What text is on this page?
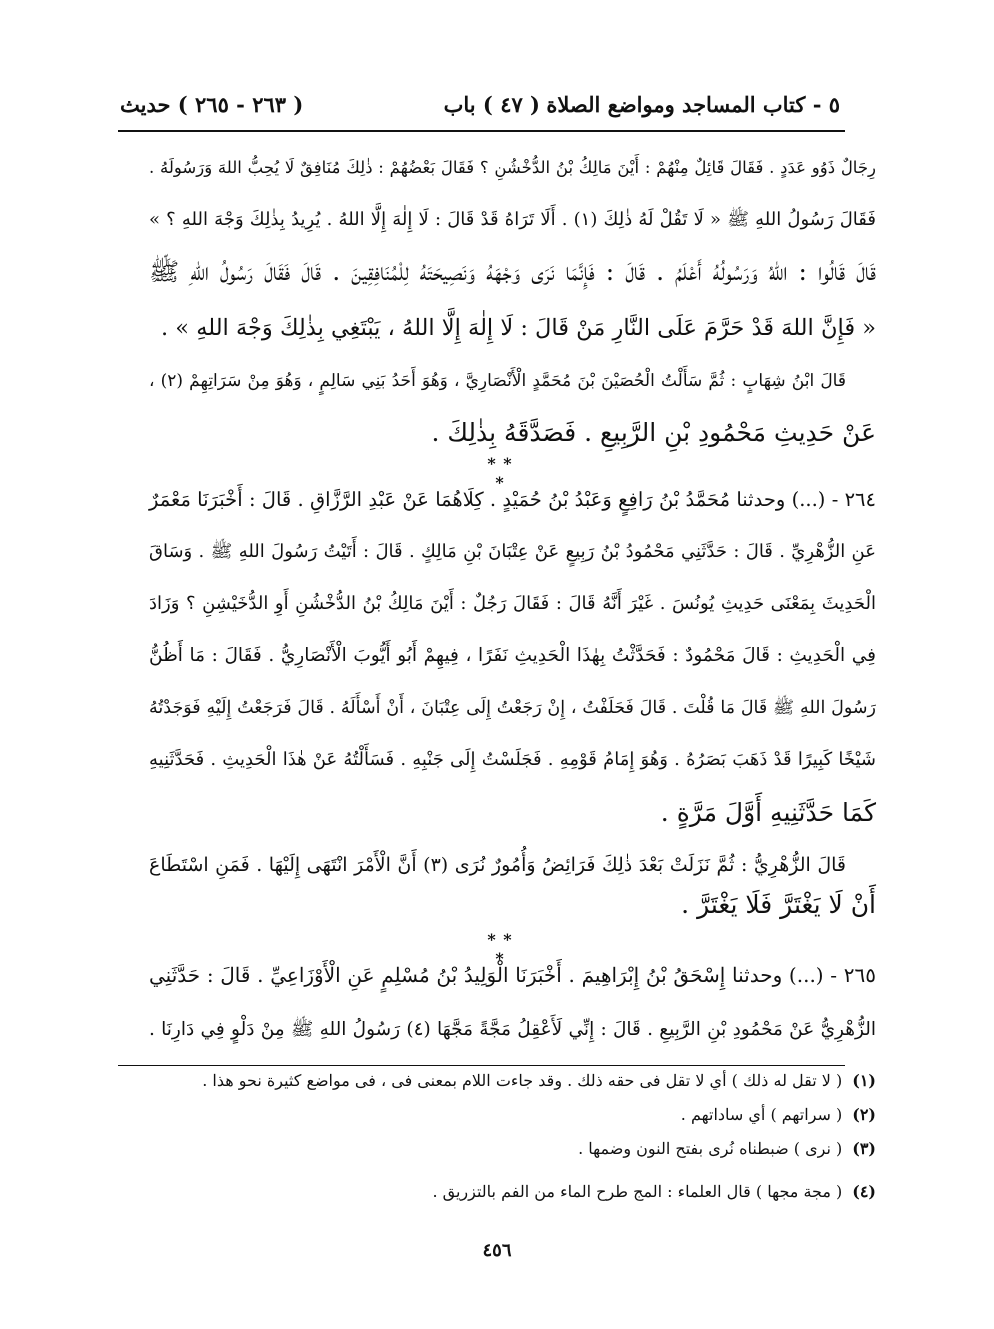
٥ - كتاب المساجد ومواضع الصلاة
( ٤٧ ) باب
( ٢٦٣ - ٢٦٥ ) حديث
رِجَالٌ ذَوُو عَدَدٍ . فَقَالَ قَائِلٌ مِنْهُمْ : أَيْنَ مَالِكُ بْنُ الدُّخْشُنِ ؟ فَقَالَ بَعْضُهُمْ : ذٰلِكَ مُنَافِقٌ لَا يُحِبُّ اللهَ وَرَسُولَهُ .
فَقَالَ رَسُولُ اللهِ ﷺ « لَا تَقُلْ لَهُ ذٰلِكَ (١) . أَلَا تَرَاهُ قَدْ قَالَ : لَا إِلٰهَ إِلَّا اللهُ . يُرِيدُ بِذٰلِكَ وَجْهَ اللهِ ؟ »
قَالَ قَالُوا : اللهُ وَرَسُولُهُ أَعْلَمُ . قَالَ : فَإِنَّمَا نَرَى وَجْهَهُ وَنَصِيحَتَهُ لِلْمُنَافِقِينَ . قَالَ فَقَالَ رَسُولُ اللهِ ﷺ
« فَإِنَّ اللهَ قَدْ حَرَّمَ عَلَى النَّارِ مَنْ قَالَ : لَا إِلٰهَ إِلَّا اللهُ ، يَبْتَغِي بِذٰلِكَ وَجْهَ اللهِ » .
قَالَ ابْنُ شِهَابٍ : ثُمَّ سَأَلْتُ الْحُصَيْنَ بْنَ مُحَمَّدٍ الْأَنْصَارِيَّ ، وَهُوَ أَحَدُ بَنِي سَالِمٍ ، وَهُوَ مِنْ سَرَاتِهِمْ (٢) ،
عَنْ حَدِيثِ مَحْمُودِ بْنِ الرَّبِيعِ . فَصَدَّقَهُ بِذٰلِكَ .
* * *
٢٦٤ - (...) وحدثنا مُحَمَّدُ بْنُ رَافِعٍ وَعَبْدُ بْنُ حُمَيْدٍ . كِلَاهُمَا عَنْ عَبْدِ الرَّزَّاقِ . قَالَ : أَخْبَرَنَا مَعْمَرٌ
عَنِ الزُّهْرِيِّ . قَالَ : حَدَّثَنِي مَحْمُودُ بْنُ رَبِيعٍ عَنْ عِتْبَانَ بْنِ مَالِكٍ . قَالَ : أَتَيْتُ رَسُولَ اللهِ ﷺ . وَسَاقَ
الْحَدِيثَ بِمَعْنَى حَدِيثِ يُونُسَ . غَيْرَ أَنَّهُ قَالَ : فَقَالَ رَجُلٌ : أَيْنَ مَالِكُ بْنُ الدُّخْشُنِ أَوِ الدُّخَيْشِنِ ؟ وَزَادَ
فِي الْحَدِيثِ : قَالَ مَحْمُودٌ : فَحَدَّثْتُ بِهٰذَا الْحَدِيثِ نَفَرًا ، فِيهِمْ أَبُو أَيُّوبَ الْأَنْصَارِيُّ . فَقَالَ : مَا أَظُنُّ
رَسُولَ اللهِ ﷺ قَالَ مَا قُلْتَ . قَالَ فَحَلَفْتُ ، إِنْ رَجَعْتُ إِلَى عِتْبَانَ ، أَنْ أَسْأَلَهُ . قَالَ فَرَجَعْتُ إِلَيْهِ فَوَجَدْتُهُ
شَيْخًا كَبِيرًا قَدْ ذَهَبَ بَصَرُهُ . وَهُوَ إِمَامُ قَوْمِهِ . فَجَلَسْتُ إِلَى جَنْبِهِ . فَسَأَلْتُهُ عَنْ هٰذَا الْحَدِيثِ . فَحَدَّثَنِيهِ
كَمَا حَدَّثَنِيهِ أَوَّلَ مَرَّةٍ .
قَالَ الزُّهْرِيُّ : ثُمَّ نَزَلَتْ بَعْدَ ذٰلِكَ فَرَائِضُ وَأُمُورٌ نُرَى (٣) أَنَّ الْأَمْرَ انْتَهَى إِلَيْهَا . فَمَنِ اسْتَطَاعَ
أَنْ لَا يَغْتَرَّ فَلَا يَغْتَرَّ .
* * *
٢٦٥ - (...) وحدثنا إِسْحَقُ بْنُ إِبْرَاهِيمَ . أَخْبَرَنَا الْوَلِيدُ بْنُ مُسْلِمٍ عَنِ الْأَوْزَاعِيِّ . قَالَ : حَدَّثَنِي
الزُّهْرِيُّ عَنْ مَحْمُودِ بْنِ الرَّبِيعِ . قَالَ : إِنِّي لَأَعْقِلُ مَجَّةً مَجَّهَا (٤) رَسُولُ اللهِ ﷺ مِنْ دَلْوٍ فِي دَارِنَا .
(١)( لا تقل له ذلك ) أي لا تقل فى حقه ذلك . وقد جاءت اللام بمعنى فى ، فى مواضع كثيرة نحو هذا .
(٢)( سراتهم ) أي ساداتهم .
(٣)( نرى ) ضبطناه نُرى بفتح النون وضمها .
(٤)( مجة مجها ) قال العلماء : المج طرح الماء من الفم بالتزريق .
٤٥٦
